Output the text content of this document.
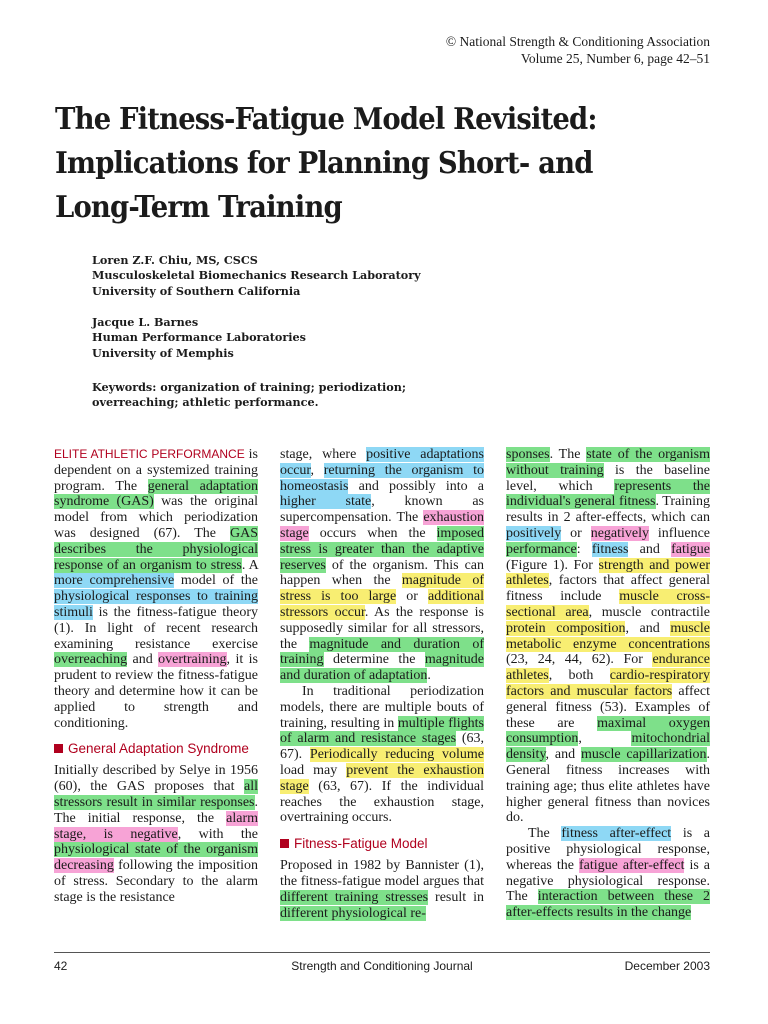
© National Strength & Conditioning Association
Volume 25, Number 6, page 42–51
The Fitness-Fatigue Model Revisited:
Implications for Planning Short- and
Long-Term Training
Loren Z.F. Chiu, MS, CSCS
Musculoskeletal Biomechanics Research Laboratory
University of Southern California
Jacque L. Barnes
Human Performance Laboratories
University of Memphis
Keywords: organization of training; periodization;
overreaching; athletic performance.

ELITE ATHLETIC PERFORMANCE is dependent on a systemized training program. The general adaptation syndrome (GAS) was the original model from which periodization was designed (67). The GAS describes the physiological response of an organism to stress. A more comprehensive model of the physiological responses to training stimuli is the fitness-fatigue theory (1). In light of recent research examining resistance exercise overreaching and overtraining, it is prudent to review the fitness-fatigue theory and determine how it can be applied to strength and conditioning.

General Adaptation Syndrome

Initially described by Selye in 1956 (60), the GAS proposes that all stressors result in similar responses. The initial response, the alarm stage, is negative, with the physiological state of the organism decreasing following the imposition of stress. Secondary to the alarm stage is the resistance

stage, where positive adaptations occur, returning the organism to homeostasis and possibly into a higher state, known as supercompensation. The exhaustion stage occurs when the imposed stress is greater than the adaptive reserves of the organism. This can happen when the magnitude of stress is too large or additional stressors occur. As the response is supposedly similar for all stressors, the magnitude and duration of training determine the magnitude and duration of adaptation.

In traditional periodization models, there are multiple bouts of training, resulting in multiple flights of alarm and resistance stages (63, 67). Periodically reducing volume load may prevent the exhaustion stage (63, 67). If the individual reaches the exhaustion stage, overtraining occurs.

Fitness-Fatigue Model

Proposed in 1982 by Bannister (1), the fitness-fatigue model argues that different training stresses result in different physiological re-

sponses. The state of the organism without training is the baseline level, which represents the individual's general fitness. Training results in 2 after-effects, which can positively or negatively influence performance: fitness and fatigue (Figure 1). For strength and power athletes, factors that affect general fitness include muscle cross-sectional area, muscle contractile protein composition, and muscle metabolic enzyme concentrations (23, 24, 44, 62). For endurance athletes, both cardio-respiratory factors and muscular factors affect general fitness (53). Examples of these are maximal oxygen consumption, mitochondrial density, and muscle capillarization. General fitness increases with training age; thus elite athletes have higher general fitness than novices do.

The fitness after-effect is a positive physiological response, whereas the fatigue after-effect is a negative physiological response. The interaction between these 2 after-effects results in the change

42	Strength and Conditioning Journal	December 2003
